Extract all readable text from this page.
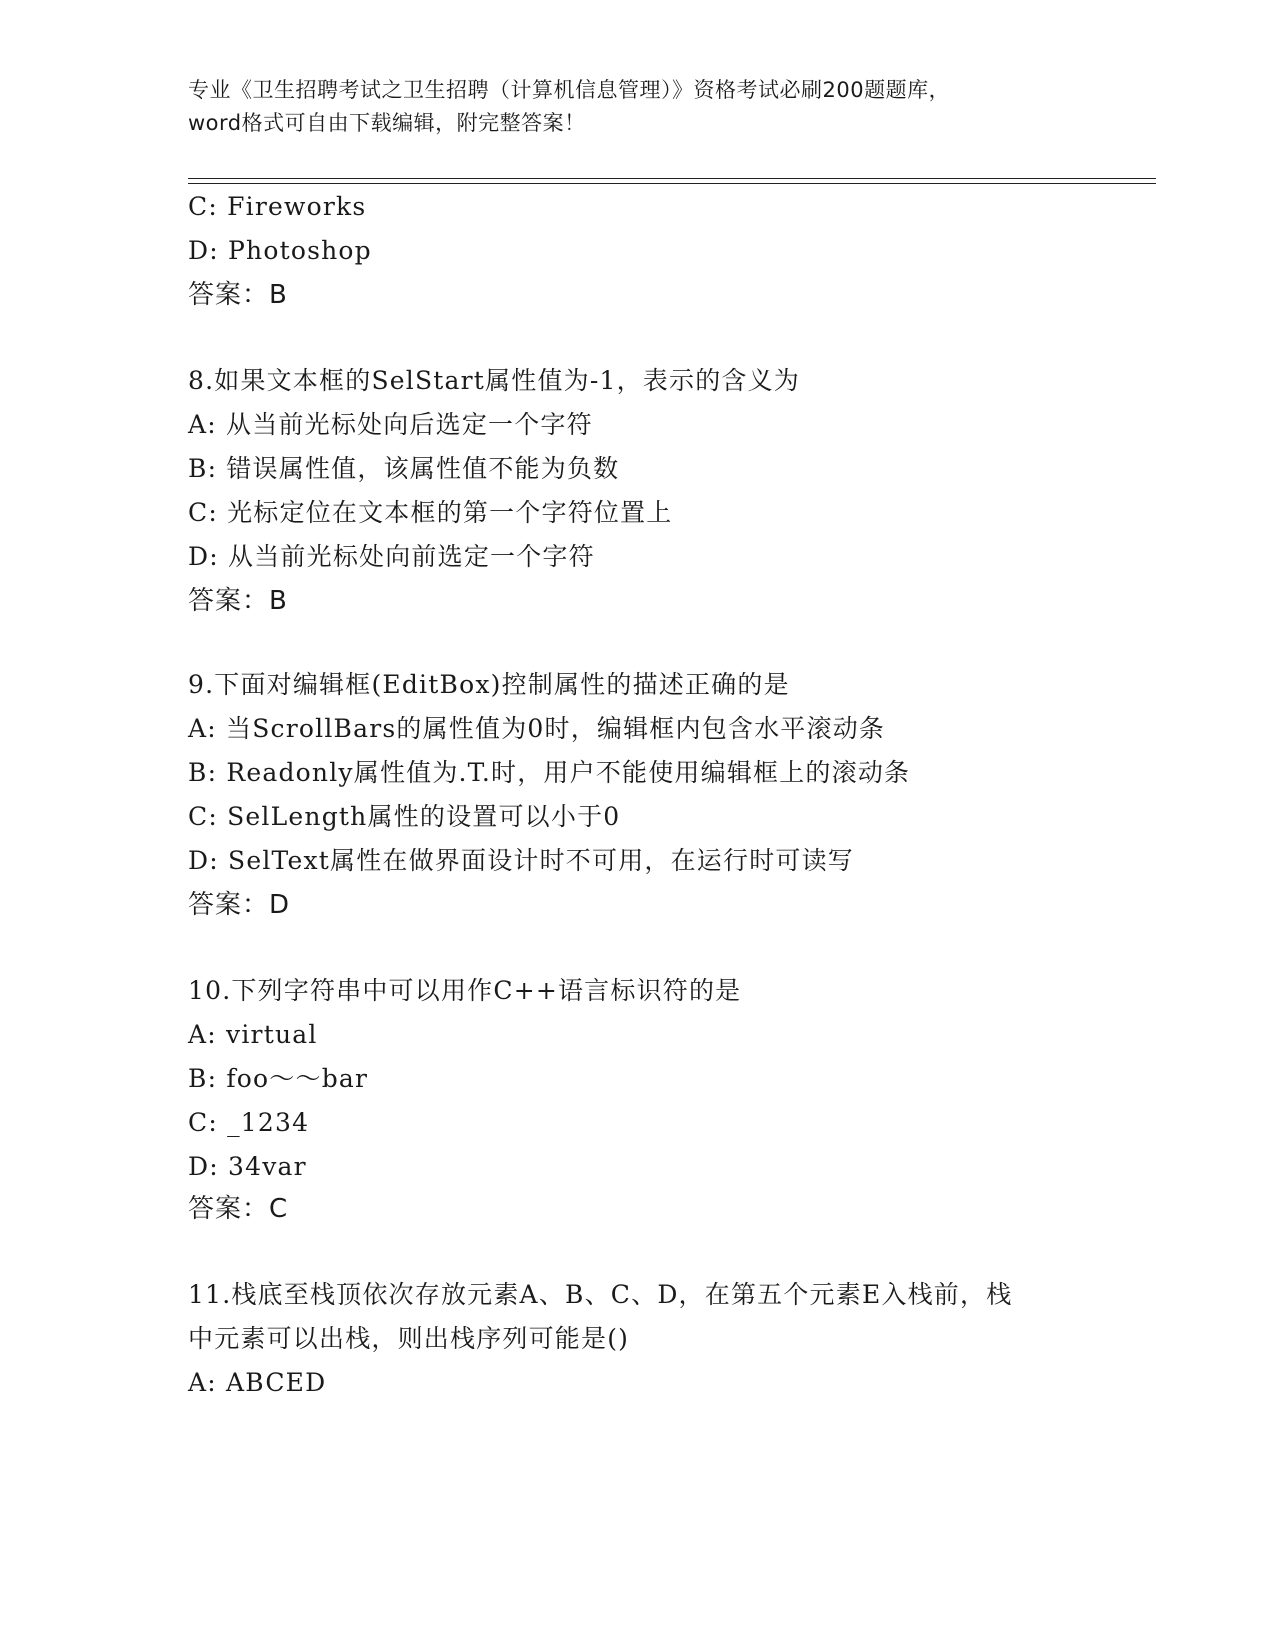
专业《卫生招聘考试之卫生招聘（计算机信息管理）》资格考试必刷200题题库，
word格式可自由下载编辑，附完整答案！
C: Fireworks
D: Photoshop
答案：B
8.如果文本框的SelStart属性值为-1，表示的含义为
A: 从当前光标处向后选定一个字符
B: 错误属性值，该属性值不能为负数
C: 光标定位在文本框的第一个字符位置上
D: 从当前光标处向前选定一个字符
答案：B
9.下面对编辑框(EditBox)控制属性的描述正确的是
A: 当ScrollBars的属性值为0时，编辑框内包含水平滚动条
B: Readonly属性值为.T.时，用户不能使用编辑框上的滚动条
C: SelLength属性的设置可以小于0
D: SelText属性在做界面设计时不可用，在运行时可读写
答案：D
10.下列字符串中可以用作C++语言标识符的是
A: virtual
B: foo～～bar
C: _1234
D: 34var
答案：C
11.栈底至栈顶依次存放元素A、B、C、D，在第五个元素E入栈前，栈
中元素可以出栈，则出栈序列可能是()
A: ABCED
